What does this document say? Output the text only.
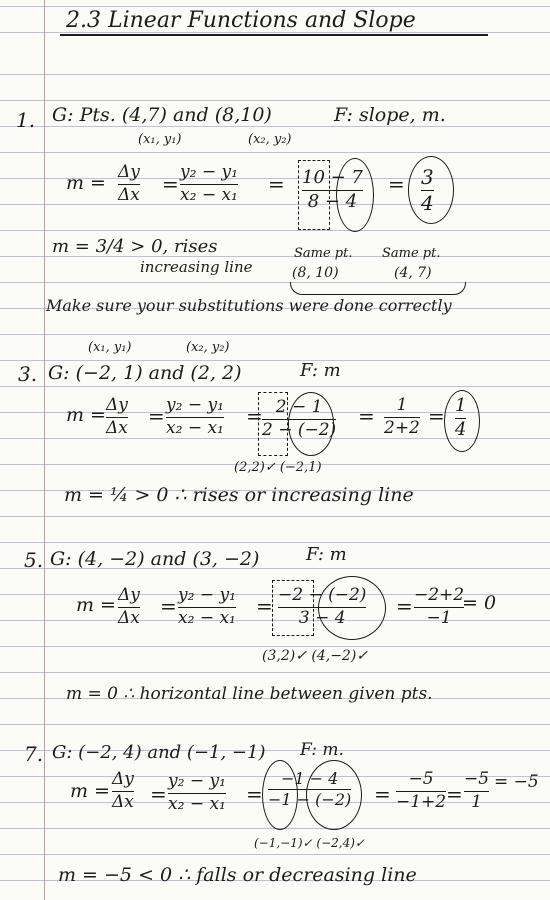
2.3 Linear Functions and Slope
1. G: Pts. (4,7) and (8,10)	F: slope, m.
(x₁, y₁)	(x₂, y₂)
m = Δy
Δx = y₂ − y₁
x₂ − x₁ = 10 − 7
8 − 4
= 3
4
m = 3/4 > 0, rises
increasing line
Same pt.
(8, 10)
Same pt.
(4, 7)
Make sure your substitutions were done correctly
(x₁, y₁)	(x₂, y₂)
3. G: (−2, 1) and (2, 2)	F: m
m = Δy
Δx = y₂ − y₁
x₂ − x₁ = 2 − 1
2 − (−2)
= 1
2+2 = 1
4
(2,2)✓ (−2,1)
m = ¼ > 0 ∴ rises or increasing line
5. G: (4, −2) and (3, −2)	F: m
m = Δy
Δx = y₂ − y₁
x₂ − x₁ = −2 − (−2)
3 − 4	= −2+2
−1
= 0
(3,2)✓ (4,−2)✓
m = 0 ∴ horizontal line between given pts.
7. G: (−2, 4) and (−1, −1) F: m.
m =
Δy
Δx =
y₂ − y₁
x₂ − x₁ =
−1 − 4
−1 − (−2) =
−5
−1+2 =
−5
1
= −5
(−1,−1)✓ (−2,4)✓
m = −5 < 0 ∴ falls or decreasing line
